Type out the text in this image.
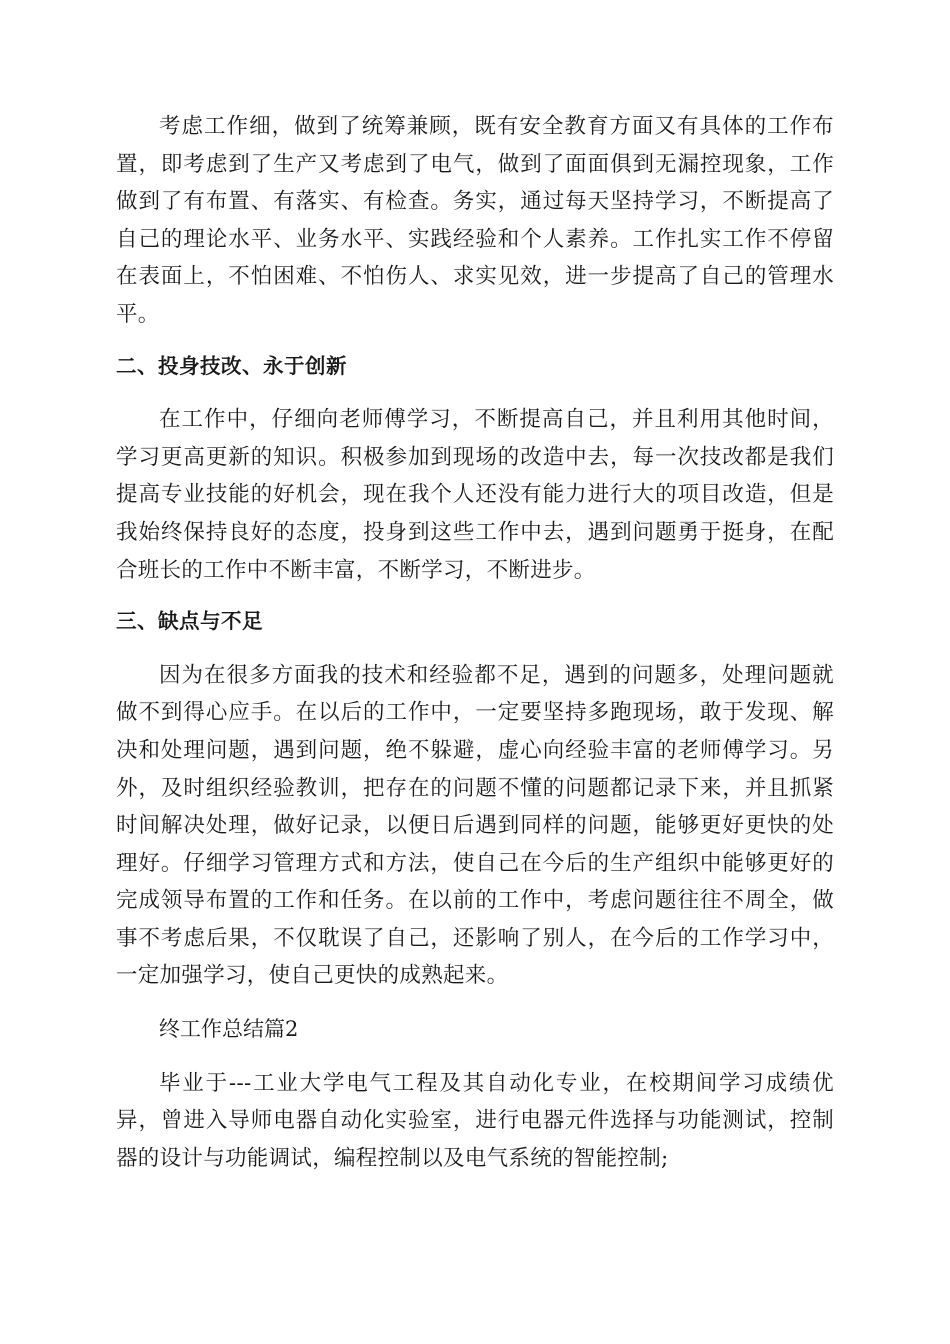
考虑工作细，做到了统筹兼顾，既有安全教育方面又有具体的工作布置，即考虑到了生产又考虑到了电气，做到了面面俱到无漏控现象，工作做到了有布置、有落实、有检查。务实，通过每天坚持学习，不断提高了自己的理论水平、业务水平、实践经验和个人素养。工作扎实工作不停留在表面上，不怕困难、不怕伤人、求实见效，进一步提高了自己的管理水平。

二、投身技改、永于创新

在工作中，仔细向老师傅学习，不断提高自己，并且利用其他时间，学习更高更新的知识。积极参加到现场的改造中去，每一次技改都是我们提高专业技能的好机会，现在我个人还没有能力进行大的项目改造，但是我始终保持良好的态度，投身到这些工作中去，遇到问题勇于挺身，在配合班长的工作中不断丰富，不断学习，不断进步。

三、缺点与不足

因为在很多方面我的技术和经验都不足，遇到的问题多，处理问题就做不到得心应手。在以后的工作中，一定要坚持多跑现场，敢于发现、解决和处理问题，遇到问题，绝不躲避，虚心向经验丰富的老师傅学习。另外，及时组织经验教训，把存在的问题不懂的问题都记录下来，并且抓紧时间解决处理，做好记录，以便日后遇到同样的问题，能够更好更快的处理好。仔细学习管理方式和方法，使自己在今后的生产组织中能够更好的完成领导布置的工作和任务。在以前的工作中，考虑问题往往不周全，做事不考虑后果，不仅耽误了自己，还影响了别人，在今后的工作学习中，一定加强学习，使自己更快的成熟起来。

终工作总结篇2

毕业于---工业大学电气工程及其自动化专业，在校期间学习成绩优异，曾进入导师电器自动化实验室，进行电器元件选择与功能测试，控制器的设计与功能调试，编程控制以及电气系统的智能控制;
